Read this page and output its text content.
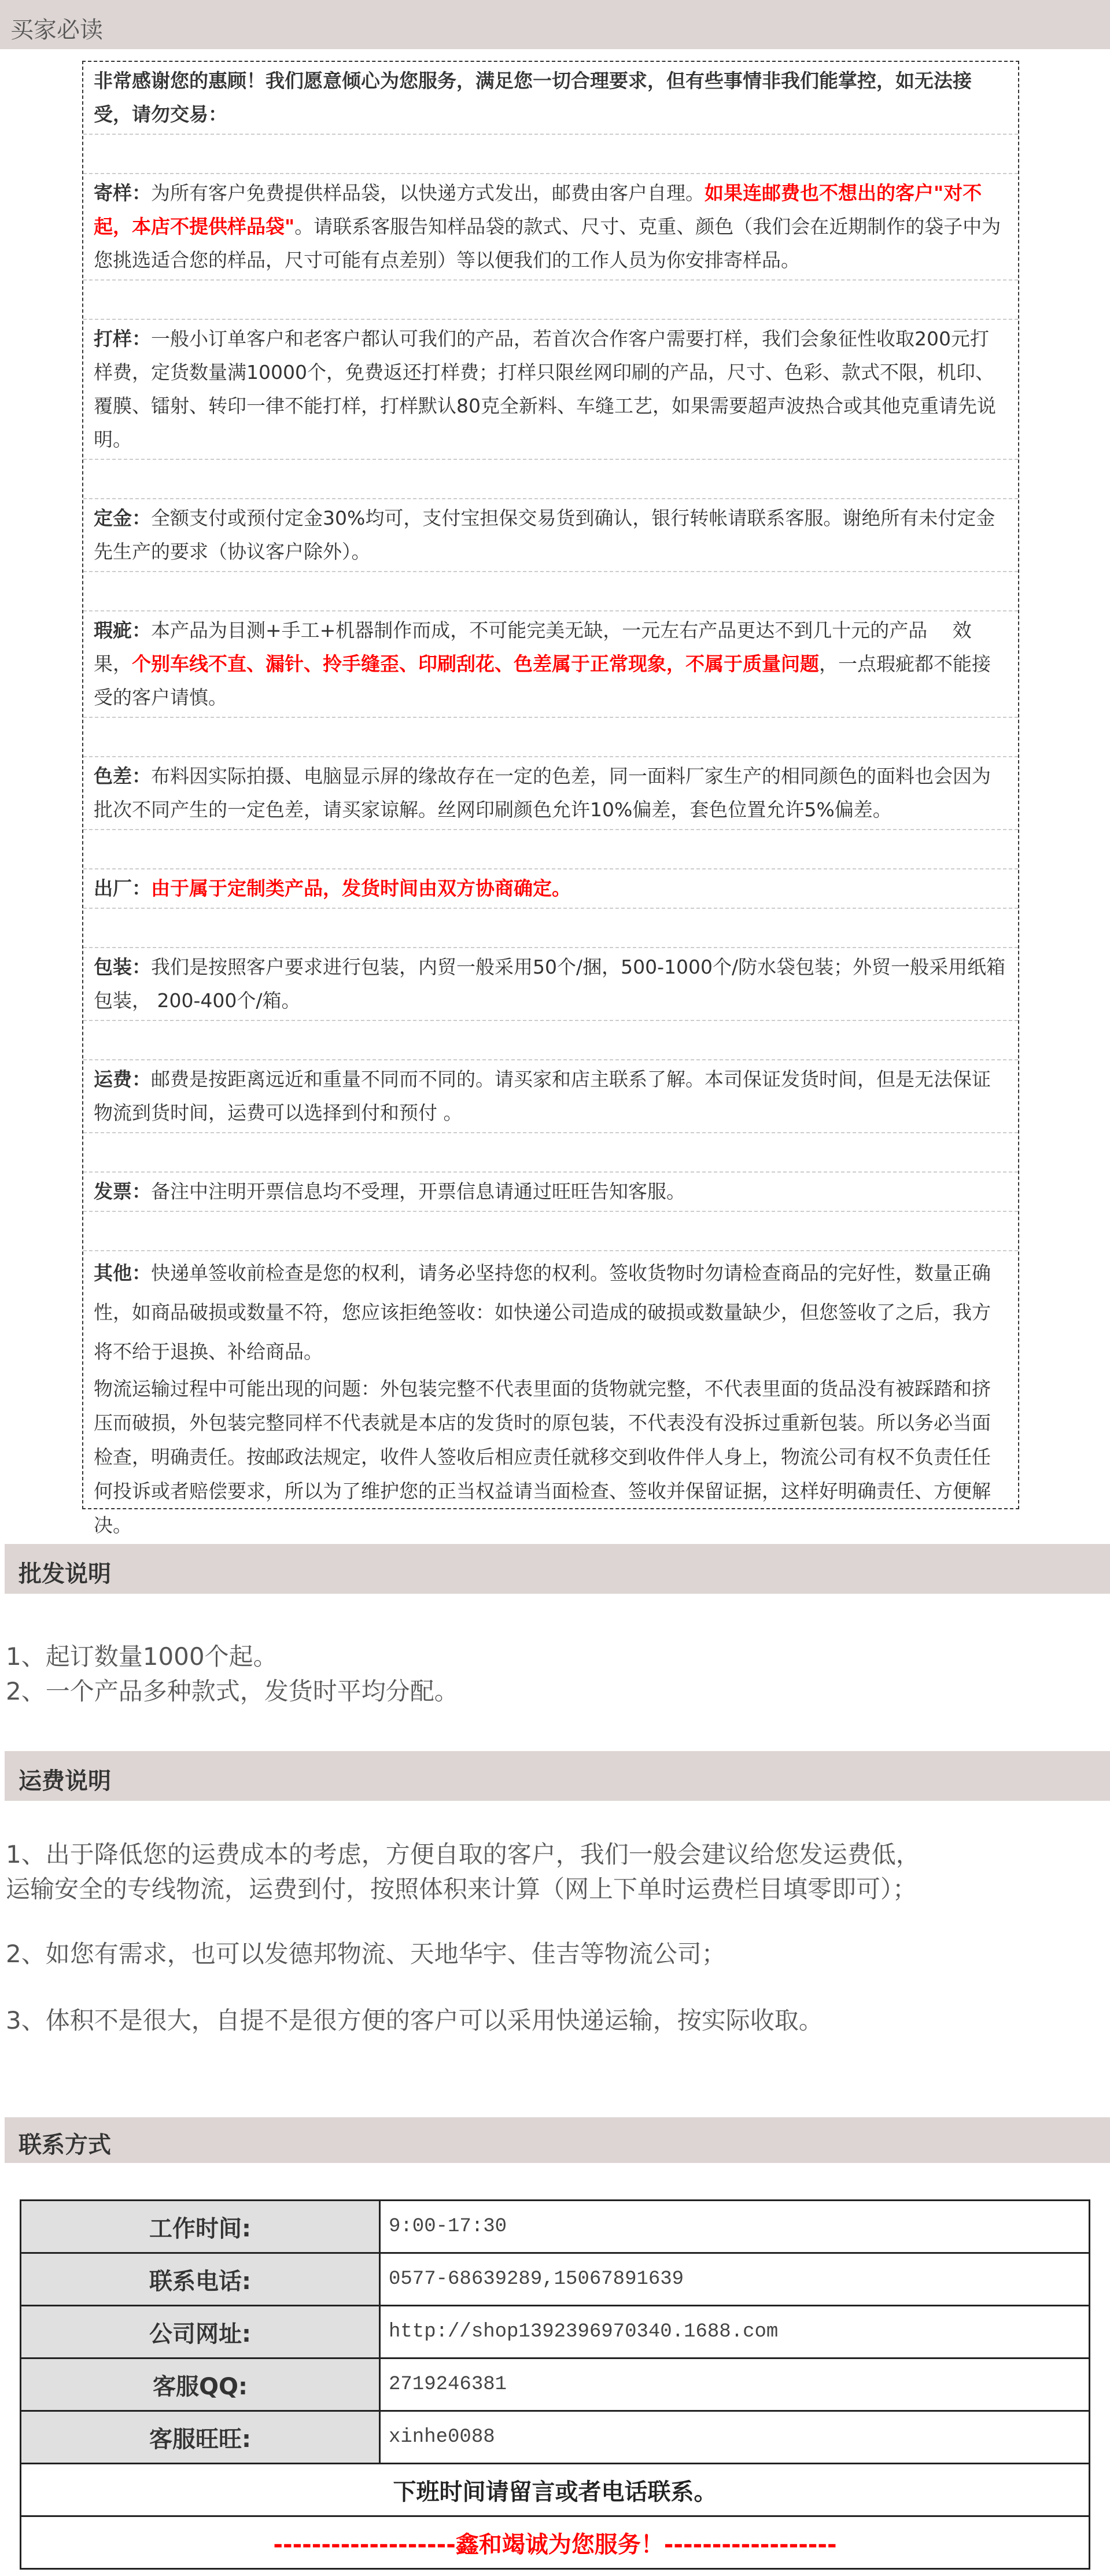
买家必读
非常感谢您的惠顾！我们愿意倾心为您服务，满足您一切合理要求，但有些事情非我们能掌控，如无法接受，请勿交易：
寄样：为所有客户免费提供样品袋，以快递方式发出，邮费由客户自理。如果连邮费也不想出的客户"对不起，本店不提供样品袋"。请联系客服告知样品袋的款式、尺寸、克重、颜色（我们会在近期制作的袋子中为您挑选适合您的样品，尺寸可能有点差别）等以便我们的工作人员为你安排寄样品。
打样：一般小订单客户和老客户都认可我们的产品，若首次合作客户需要打样，我们会象征性收取200元打样费，定货数量满10000个，免费返还打样费；打样只限丝网印刷的产品，尺寸、色彩、款式不限，机印、覆膜、镭射、转印一律不能打样，打样默认80克全新料、车缝工艺，如果需要超声波热合或其他克重请先说明。
定金：全额支付或预付定金30%均可，支付宝担保交易货到确认，银行转帐请联系客服。谢绝所有未付定金先生产的要求（协议客户除外）。
瑕疵：本产品为目测+手工+机器制作而成，不可能完美无缺，一元左右产品更达不到几十元的产品　 效果，个别车线不直、漏针、拎手缝歪、印刷刮花、色差属于正常现象，不属于质量问题，一点瑕疵都不能接受的客户请慎。
色差：布料因实际拍摄、电脑显示屏的缘故存在一定的色差，同一面料厂家生产的相同颜色的面料也会因为批次不同产生的一定色差，请买家谅解。丝网印刷颜色允许10%偏差，套色位置允许5%偏差。
出厂：由于属于定制类产品，发货时间由双方协商确定。
包装：我们是按照客户要求进行包装，内贸一般采用50个/捆，500-1000个/防水袋包装；外贸一般采用纸箱包装， 200-400个/箱。
运费：邮费是按距离远近和重量不同而不同的。请买家和店主联系了解。本司保证发货时间，但是无法保证物流到货时间，运费可以选择到付和预付 。
发票：备注中注明开票信息均不受理，开票信息请通过旺旺告知客服。
其他：快递单签收前检查是您的权利，请务必坚持您的权利。签收货物时勿请检查商品的完好性，数量正确性，如商品破损或数量不符，您应该拒绝签收：如快递公司造成的破损或数量缺少，但您签收了之后，我方将不给于退换、补给商品。
物流运输过程中可能出现的问题：外包装完整不代表里面的货物就完整，不代表里面的货品没有被踩踏和挤压而破损，外包装完整同样不代表就是本店的发货时的原包装，不代表没有没拆过重新包装。所以务必当面检查，明确责任。按邮政法规定，收件人签收后相应责任就移交到收件伴人身上，物流公司有权不负责任任何投诉或者赔偿要求，所以为了维护您的正当权益请当面检查、签收并保留证据，这样好明确责任、方便解决。
批发说明
1、起订数量1000个起。
2、一个产品多种款式，发货时平均分配。
运费说明
1、出于降低您的运费成本的考虑，方便自取的客户，我们一般会建议给您发运费低，运输安全的专线物流，运费到付，按照体积来计算（网上下单时运费栏目填零即可）；
2、如您有需求，也可以发德邦物流、天地华宇、佳吉等物流公司；
3、体积不是很大，自提不是很方便的客户可以采用快递运输，按实际收取。
联系方式
工作时间:	9:00-17:30
联系电话:	0577-68639289,15067891639
公司网址:	http://shop1392396970340.1688.com
客服QQ:	2719246381
客服旺旺:	xinhe0088
下班时间请留言或者电话联系。	
-------------------鑫和竭诚为您服务！------------------	
